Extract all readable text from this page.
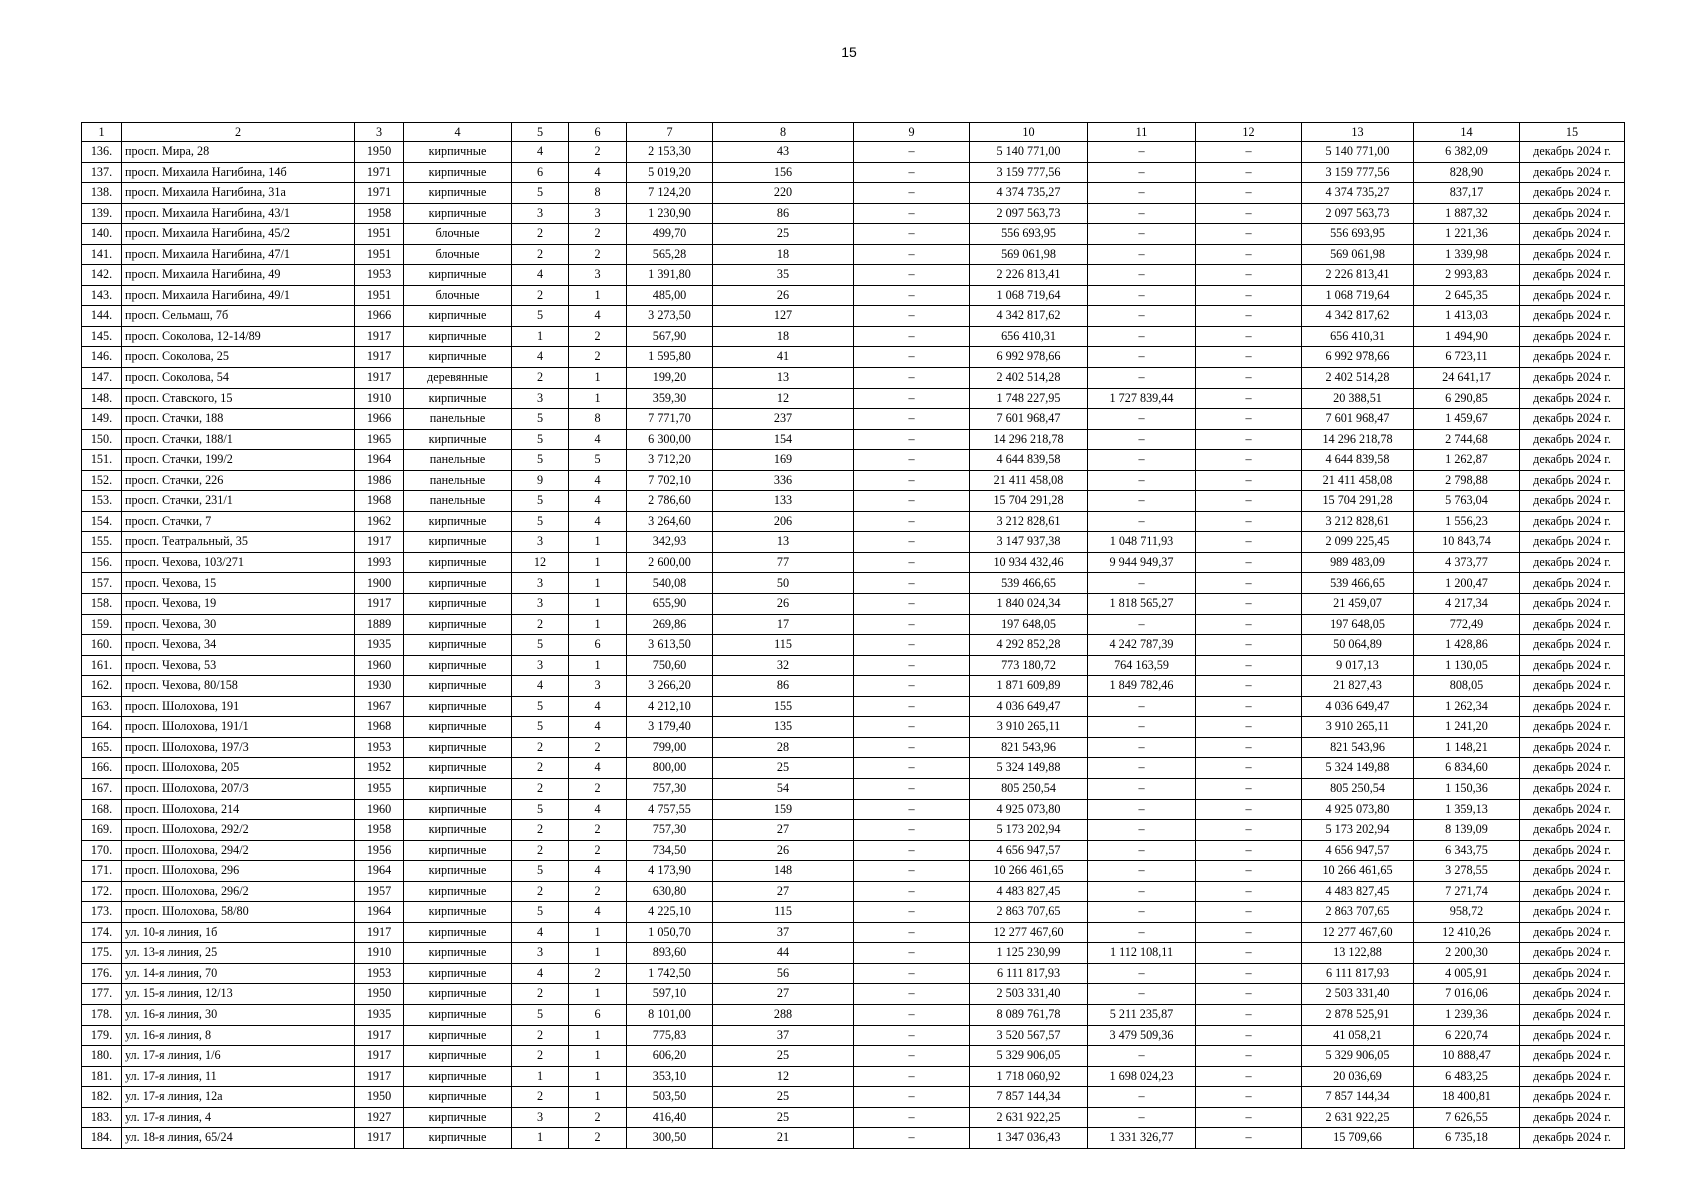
15
1	2	3	4	5	6	7	8	9	10	11	12	13	14	15
136.	просп. Мира, 28	1950	кирпичные	4	2	2 153,30	43	–	5 140 771,00	–	–	5 140 771,00	6 382,09	декабрь 2024 г.
137.	просп. Михаила Нагибина, 14б	1971	кирпичные	6	4	5 019,20	156	–	3 159 777,56	–	–	3 159 777,56	828,90	декабрь 2024 г.
138.	просп. Михаила Нагибина, 31а	1971	кирпичные	5	8	7 124,20	220	–	4 374 735,27	–	–	4 374 735,27	837,17	декабрь 2024 г.
139.	просп. Михаила Нагибина, 43/1	1958	кирпичные	3	3	1 230,90	86	–	2 097 563,73	–	–	2 097 563,73	1 887,32	декабрь 2024 г.
140.	просп. Михаила Нагибина, 45/2	1951	блочные	2	2	499,70	25	–	556 693,95	–	–	556 693,95	1 221,36	декабрь 2024 г.
141.	просп. Михаила Нагибина, 47/1	1951	блочные	2	2	565,28	18	–	569 061,98	–	–	569 061,98	1 339,98	декабрь 2024 г.
142.	просп. Михаила Нагибина, 49	1953	кирпичные	4	3	1 391,80	35	–	2 226 813,41	–	–	2 226 813,41	2 993,83	декабрь 2024 г.
143.	просп. Михаила Нагибина, 49/1	1951	блочные	2	1	485,00	26	–	1 068 719,64	–	–	1 068 719,64	2 645,35	декабрь 2024 г.
144.	просп. Сельмаш, 7б	1966	кирпичные	5	4	3 273,50	127	–	4 342 817,62	–	–	4 342 817,62	1 413,03	декабрь 2024 г.
145.	просп. Соколова, 12-14/89	1917	кирпичные	1	2	567,90	18	–	656 410,31	–	–	656 410,31	1 494,90	декабрь 2024 г.
146.	просп. Соколова, 25	1917	кирпичные	4	2	1 595,80	41	–	6 992 978,66	–	–	6 992 978,66	6 723,11	декабрь 2024 г.
147.	просп. Соколова, 54	1917	деревянные	2	1	199,20	13	–	2 402 514,28	–	–	2 402 514,28	24 641,17	декабрь 2024 г.
148.	просп. Ставского, 15	1910	кирпичные	3	1	359,30	12	–	1 748 227,95	1 727 839,44	–	20 388,51	6 290,85	декабрь 2024 г.
149.	просп. Стачки, 188	1966	панельные	5	8	7 771,70	237	–	7 601 968,47	–	–	7 601 968,47	1 459,67	декабрь 2024 г.
150.	просп. Стачки, 188/1	1965	кирпичные	5	4	6 300,00	154	–	14 296 218,78	–	–	14 296 218,78	2 744,68	декабрь 2024 г.
151.	просп. Стачки, 199/2	1964	панельные	5	5	3 712,20	169	–	4 644 839,58	–	–	4 644 839,58	1 262,87	декабрь 2024 г.
152.	просп. Стачки, 226	1986	панельные	9	4	7 702,10	336	–	21 411 458,08	–	–	21 411 458,08	2 798,88	декабрь 2024 г.
153.	просп. Стачки, 231/1	1968	панельные	5	4	2 786,60	133	–	15 704 291,28	–	–	15 704 291,28	5 763,04	декабрь 2024 г.
154.	просп. Стачки, 7	1962	кирпичные	5	4	3 264,60	206	–	3 212 828,61	–	–	3 212 828,61	1 556,23	декабрь 2024 г.
155.	просп. Театральный, 35	1917	кирпичные	3	1	342,93	13	–	3 147 937,38	1 048 711,93	–	2 099 225,45	10 843,74	декабрь 2024 г.
156.	просп. Чехова, 103/271	1993	кирпичные	12	1	2 600,00	77	–	10 934 432,46	9 944 949,37	–	989 483,09	4 373,77	декабрь 2024 г.
157.	просп. Чехова, 15	1900	кирпичные	3	1	540,08	50	–	539 466,65	–	–	539 466,65	1 200,47	декабрь 2024 г.
158.	просп. Чехова, 19	1917	кирпичные	3	1	655,90	26	–	1 840 024,34	1 818 565,27	–	21 459,07	4 217,34	декабрь 2024 г.
159.	просп. Чехова, 30	1889	кирпичные	2	1	269,86	17	–	197 648,05	–	–	197 648,05	772,49	декабрь 2024 г.
160.	просп. Чехова, 34	1935	кирпичные	5	6	3 613,50	115	–	4 292 852,28	4 242 787,39	–	50 064,89	1 428,86	декабрь 2024 г.
161.	просп. Чехова, 53	1960	кирпичные	3	1	750,60	32	–	773 180,72	764 163,59	–	9 017,13	1 130,05	декабрь 2024 г.
162.	просп. Чехова, 80/158	1930	кирпичные	4	3	3 266,20	86	–	1 871 609,89	1 849 782,46	–	21 827,43	808,05	декабрь 2024 г.
163.	просп. Шолохова, 191	1967	кирпичные	5	4	4 212,10	155	–	4 036 649,47	–	–	4 036 649,47	1 262,34	декабрь 2024 г.
164.	просп. Шолохова, 191/1	1968	кирпичные	5	4	3 179,40	135	–	3 910 265,11	–	–	3 910 265,11	1 241,20	декабрь 2024 г.
165.	просп. Шолохова, 197/3	1953	кирпичные	2	2	799,00	28	–	821 543,96	–	–	821 543,96	1 148,21	декабрь 2024 г.
166.	просп. Шолохова, 205	1952	кирпичные	2	4	800,00	25	–	5 324 149,88	–	–	5 324 149,88	6 834,60	декабрь 2024 г.
167.	просп. Шолохова, 207/3	1955	кирпичные	2	2	757,30	54	–	805 250,54	–	–	805 250,54	1 150,36	декабрь 2024 г.
168.	просп. Шолохова, 214	1960	кирпичные	5	4	4 757,55	159	–	4 925 073,80	–	–	4 925 073,80	1 359,13	декабрь 2024 г.
169.	просп. Шолохова, 292/2	1958	кирпичные	2	2	757,30	27	–	5 173 202,94	–	–	5 173 202,94	8 139,09	декабрь 2024 г.
170.	просп. Шолохова, 294/2	1956	кирпичные	2	2	734,50	26	–	4 656 947,57	–	–	4 656 947,57	6 343,75	декабрь 2024 г.
171.	просп. Шолохова, 296	1964	кирпичные	5	4	4 173,90	148	–	10 266 461,65	–	–	10 266 461,65	3 278,55	декабрь 2024 г.
172.	просп. Шолохова, 296/2	1957	кирпичные	2	2	630,80	27	–	4 483 827,45	–	–	4 483 827,45	7 271,74	декабрь 2024 г.
173.	просп. Шолохова, 58/80	1964	кирпичные	5	4	4 225,10	115	–	2 863 707,65	–	–	2 863 707,65	958,72	декабрь 2024 г.
174.	ул. 10-я линия, 1б	1917	кирпичные	4	1	1 050,70	37	–	12 277 467,60	–	–	12 277 467,60	12 410,26	декабрь 2024 г.
175.	ул. 13-я линия, 25	1910	кирпичные	3	1	893,60	44	–	1 125 230,99	1 112 108,11	–	13 122,88	2 200,30	декабрь 2024 г.
176.	ул. 14-я линия, 70	1953	кирпичные	4	2	1 742,50	56	–	6 111 817,93	–	–	6 111 817,93	4 005,91	декабрь 2024 г.
177.	ул. 15-я линия, 12/13	1950	кирпичные	2	1	597,10	27	–	2 503 331,40	–	–	2 503 331,40	7 016,06	декабрь 2024 г.
178.	ул. 16-я линия, 30	1935	кирпичные	5	6	8 101,00	288	–	8 089 761,78	5 211 235,87	–	2 878 525,91	1 239,36	декабрь 2024 г.
179.	ул. 16-я линия, 8	1917	кирпичные	2	1	775,83	37	–	3 520 567,57	3 479 509,36	–	41 058,21	6 220,74	декабрь 2024 г.
180.	ул. 17-я линия, 1/6	1917	кирпичные	2	1	606,20	25	–	5 329 906,05	–	–	5 329 906,05	10 888,47	декабрь 2024 г.
181.	ул. 17-я линия, 11	1917	кирпичные	1	1	353,10	12	–	1 718 060,92	1 698 024,23	–	20 036,69	6 483,25	декабрь 2024 г.
182.	ул. 17-я линия, 12а	1950	кирпичные	2	1	503,50	25	–	7 857 144,34	–	–	7 857 144,34	18 400,81	декабрь 2024 г.
183.	ул. 17-я линия, 4	1927	кирпичные	3	2	416,40	25	–	2 631 922,25	–	–	2 631 922,25	7 626,55	декабрь 2024 г.
184.	ул. 18-я линия, 65/24	1917	кирпичные	1	2	300,50	21	–	1 347 036,43	1 331 326,77	–	15 709,66	6 735,18	декабрь 2024 г.
